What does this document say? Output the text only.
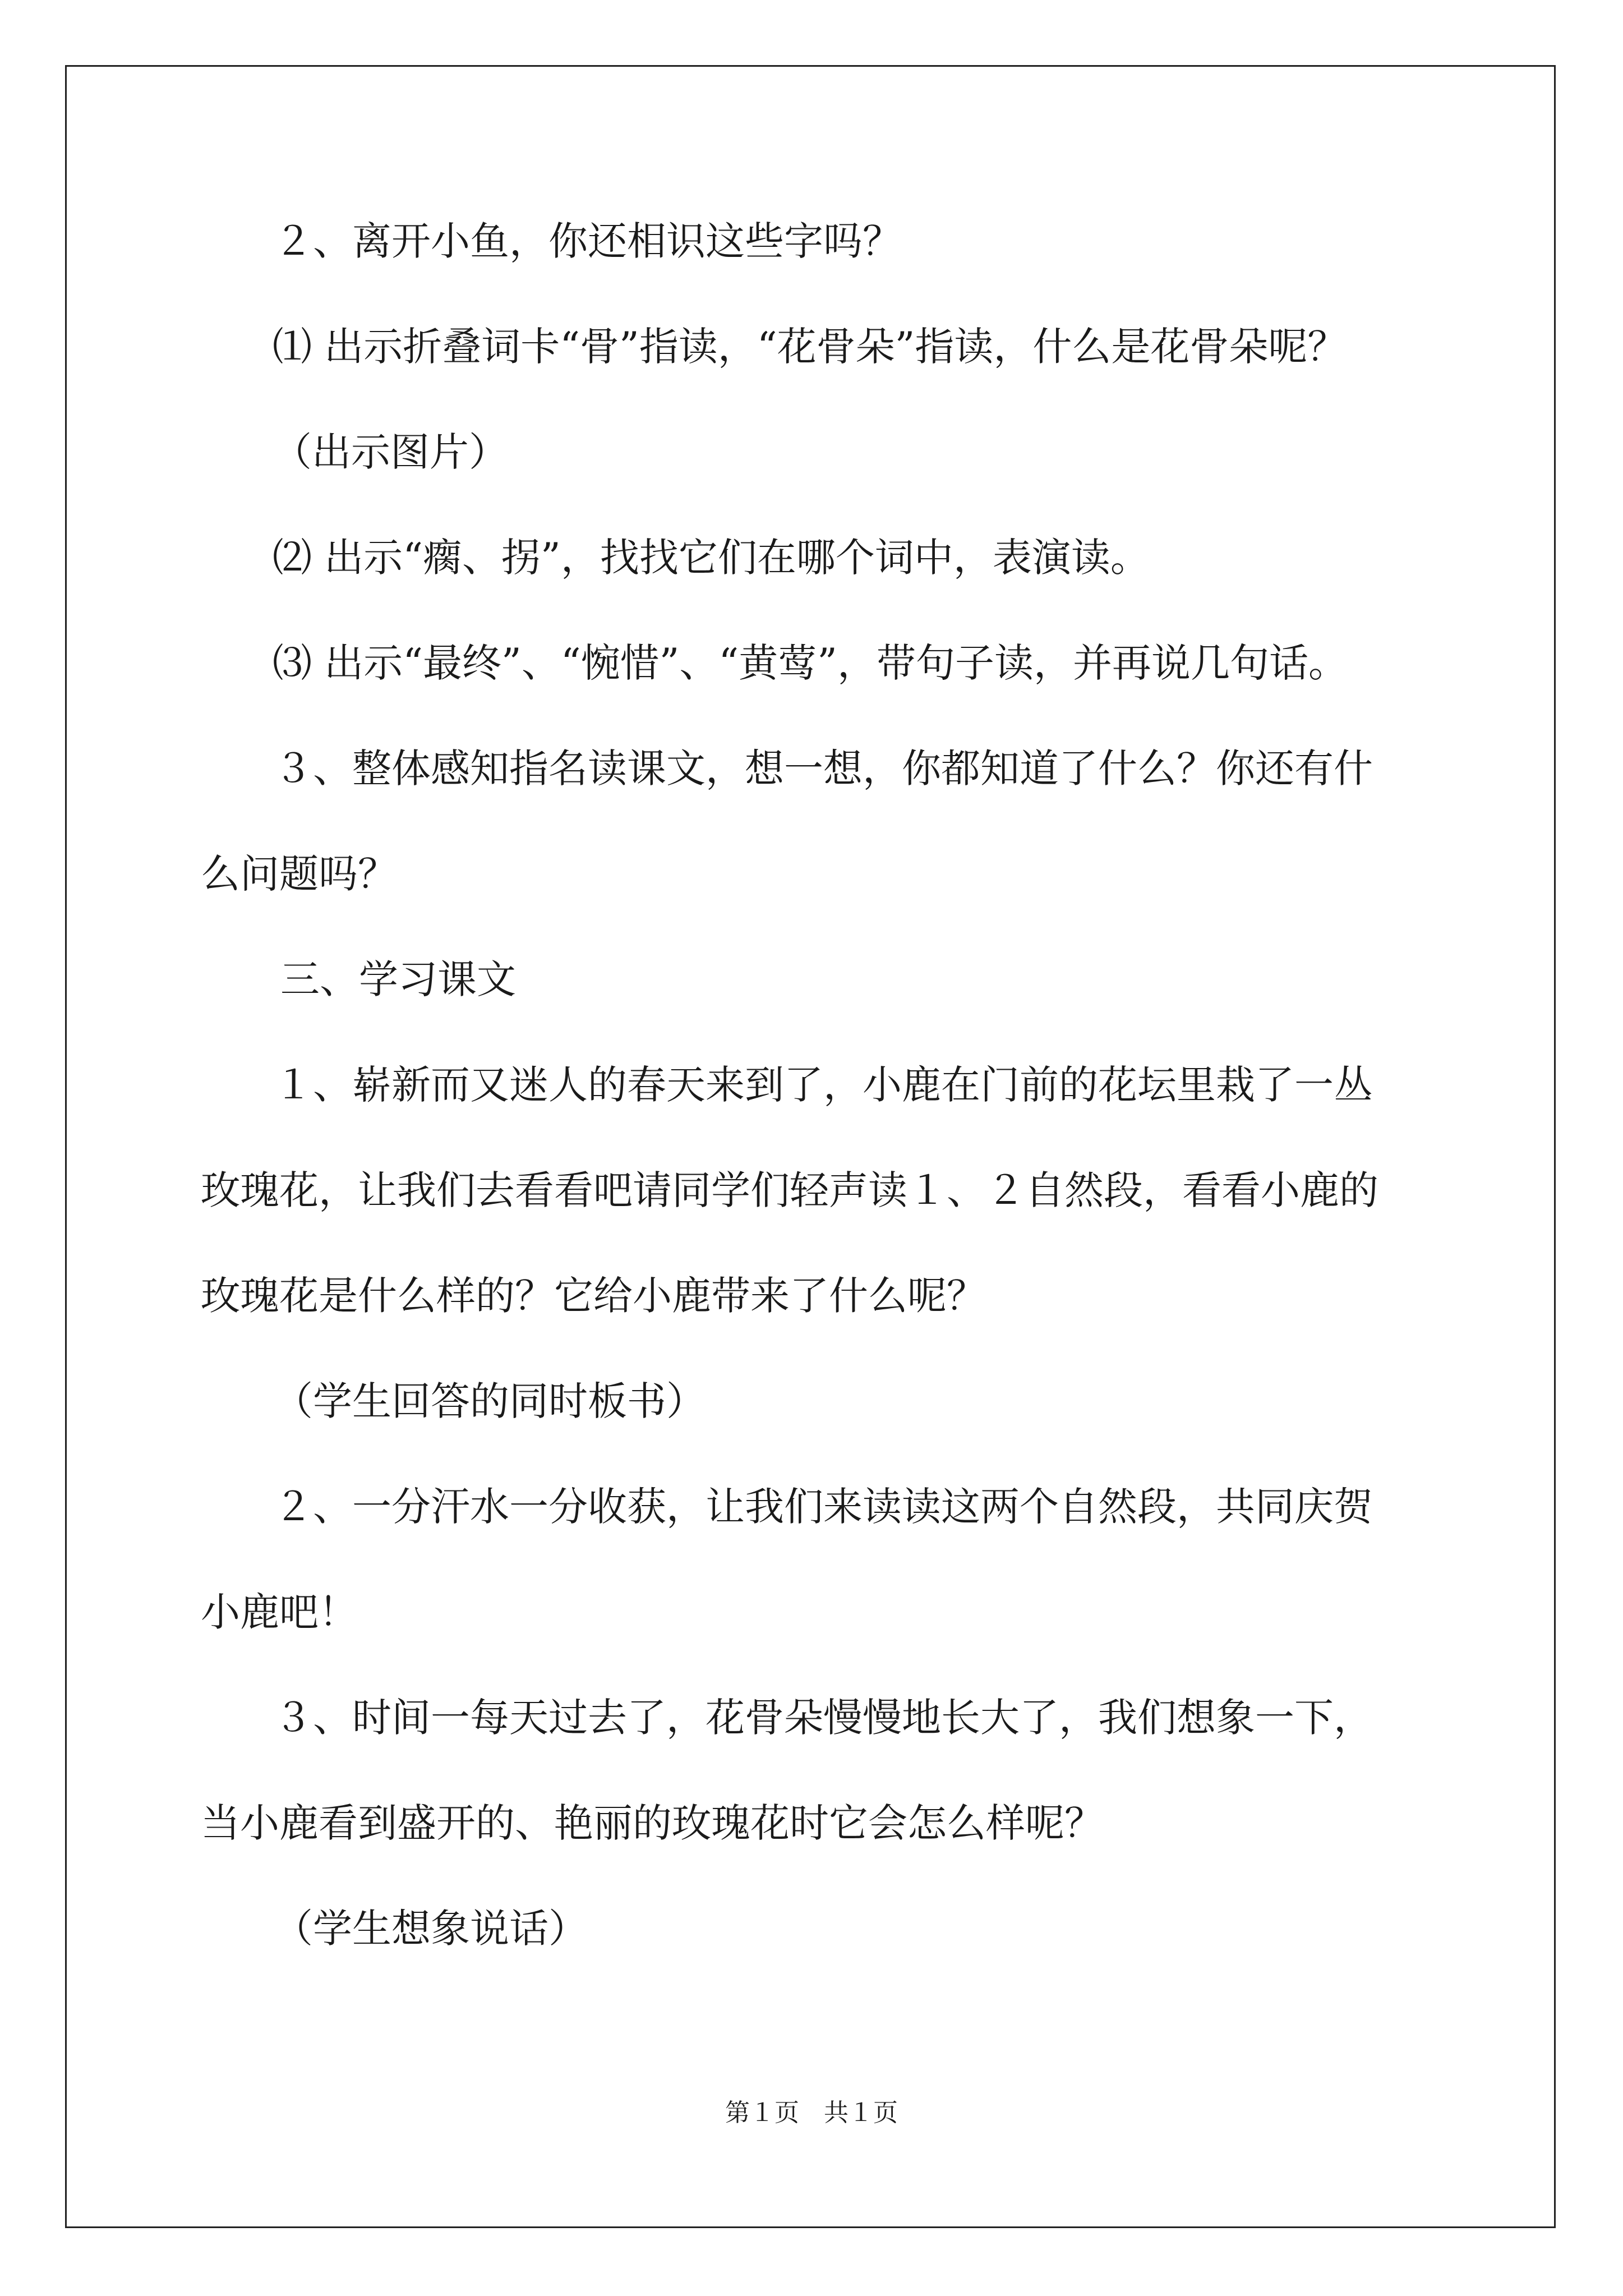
２、离开小鱼，你还相识这些字吗？

⑴ 出示折叠词卡“骨”指读，“花骨朵”指读，什么是花骨朵呢？

（出示图片）

⑵ 出示“瘸、拐”，找找它们在哪个词中，表演读。

⑶ 出示“最终”、“惋惜”、“黄莺”，带句子读，并再说几句话。

３、整体感知指名读课文，想一想，你都知道了什么？你还有什

么问题吗？

三、学习课文

１、崭新而又迷人的春天来到了，小鹿在门前的花坛里栽了一丛

玫瑰花，让我们去看看吧请同学们轻声读１、２自然段，看看小鹿的

玫瑰花是什么样的？它给小鹿带来了什么呢？

（学生回答的同时板书）

２、一分汗水一分收获，让我们来读读这两个自然段，共同庆贺

小鹿吧！

３、时间一每天过去了，花骨朵慢慢地长大了，我们想象一下，

当小鹿看到盛开的、艳丽的玫瑰花时它会怎么样呢？

（学生想象说话）

第１页　共１页
